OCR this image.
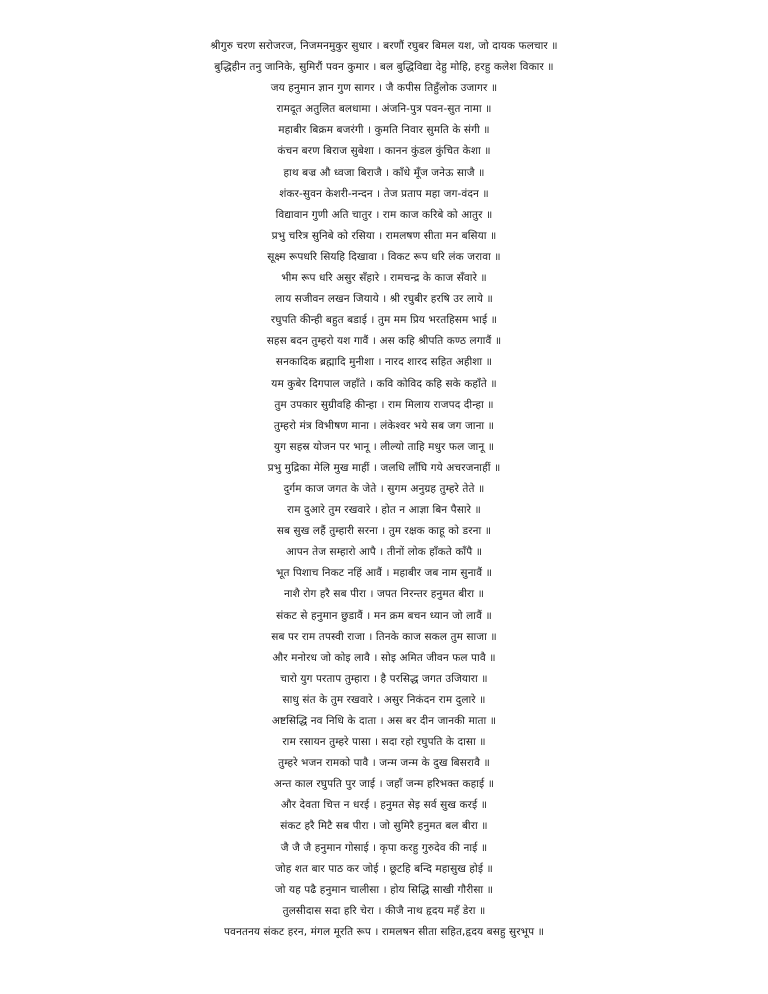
श्रीगुरु चरण सरोजरज, निजमनमुकुर सुधार । बरणौं रघुबर बिमल यश, जो दायक फलचार ॥
बुद्धिहीन तनु जानिके, सुमिरौं पवन कुमार । बल बुद्धिविद्या देहु मोहि, हरहु कलेश विकार ॥
जय हनुमान ज्ञान गुण सागर । जै कपीस तिहुँलोक उजागर ॥
रामदूत अतुलित बलधामा । अंजनि-पुत्र पवन-सुत नामा ॥
महाबीर बिक्रम बजरंगी । कुमति निवार सुमति के संगी ॥
कंचन बरण बिराज सुबेशा । कानन कुंडल कुंचित केशा ॥
हाथ बज्र औ ध्वजा बिराजै । काँधे मूँज जनेऊ साजै ॥
शंकर-सुवन केशरी-नन्दन । तेज प्रताप महा जग-वंदन ॥
विद्यावान गुणी अति चातुर । राम काज करिबे को आतुर ॥
प्रभु चरित्र सुनिबे को रसिया । रामलषण सीता मन बसिया ॥
सूक्ष्म रूपधरि सियहि दिखावा । विकट रूप धरि लंक जरावा ॥
भीम रूप धरि असुर सँहारे । रामचन्द्र के काज सँवारे ॥
लाय सजीवन लखन जियाये । श्री रघुबीर हरषि उर लाये ॥
रघुपति कीन्ही बहुत बडाई । तुम मम प्रिय भरतहिसम भाई ॥
सहस बदन तुम्हरो यश गावैं । अस कहि श्रीपति कण्ठ लगावैं ॥
सनकादिक ब्रह्मादि मुनीशा । नारद शारद सहित अहीशा ॥
यम कुबेर दिगपाल जहाँते । कवि कोविद कहि सके कहाँते ॥
तुम उपकार सुग्रीवहि कीन्हा । राम मिलाय राजपद दीन्हा ॥
तुम्हरो मंत्र विभीषण माना । लंकेश्वर भये सब जग जाना ॥
युग सहस्र योजन पर भानू । लील्यो ताहि मधुर फल जानू ॥
प्रभु मुद्रिका मेलि मुख माहीं । जलधि लाँघि गये अचरजनाहीं ॥
दुर्गम काज जगत के जेते । सुगम अनुग्रह तुम्हरे तेते ॥
राम दुआरे तुम रखवारे । होत न आज्ञा बिन पैसारे ॥
सब सुख लहैं तुम्हारी सरना । तुम रक्षक काहू को डरना ॥
आपन तेज सम्हारो आपै । तीनों लोक हाँकते काँपै ॥
भूत पिशाच निकट नहिं आवैं । महाबीर जब नाम सुनावैं ॥
नाशै रोग हरै सब पीरा । जपत निरन्तर हनुमत बीरा ॥
संकट से हनुमान छुडावैं । मन क्रम बचन ध्यान जो लावैं ॥
सब पर राम तपस्वी राजा । तिनके काज सकल तुम साजा ॥
और मनोरध जो कोइ लावै । सोइ अमित जीवन फल पावै ॥
चारो युग परताप तुम्हारा । है परसिद्ध जगत उजियारा ॥
साधु संत के तुम रखवारे । असुर निकंदन राम दुलारे ॥
अष्टसिद्धि नव निधि के दाता । अस बर दीन जानकी माता ॥
राम रसायन तुम्हरे पासा । सदा रहो रघुपति के दासा ॥
तुम्हरे भजन रामको पावै । जन्म जन्म के दुख बिसरावै ॥
अन्त काल रघुपति पुर जाई । जहाँ जन्म हरिभक्त कहाई ॥
और देवता चित्त न धरई । हनुमत सेइ सर्व सुख करई ॥
संकट हरै मिटै सब पीरा । जो सुमिरै हनुमत बल बीरा ॥
जै जै जै हनुमान गोसाई । कृपा करहु गुरुदेव की नाई ॥
जोह शत बार पाठ कर जोई । छूटहि बन्दि महासुख होई ॥
जो यह पढै हनुमान चालीसा । होय सिद्धि साखी गौरीसा ॥
तुलसीदास सदा हरि चेरा । कीजै नाथ हृदय महँ डेरा ॥
पवनतनय संकट हरन, मंगल मूरति रूप । रामलषन सीता सहित,हृदय बसहु सुरभूप ॥
